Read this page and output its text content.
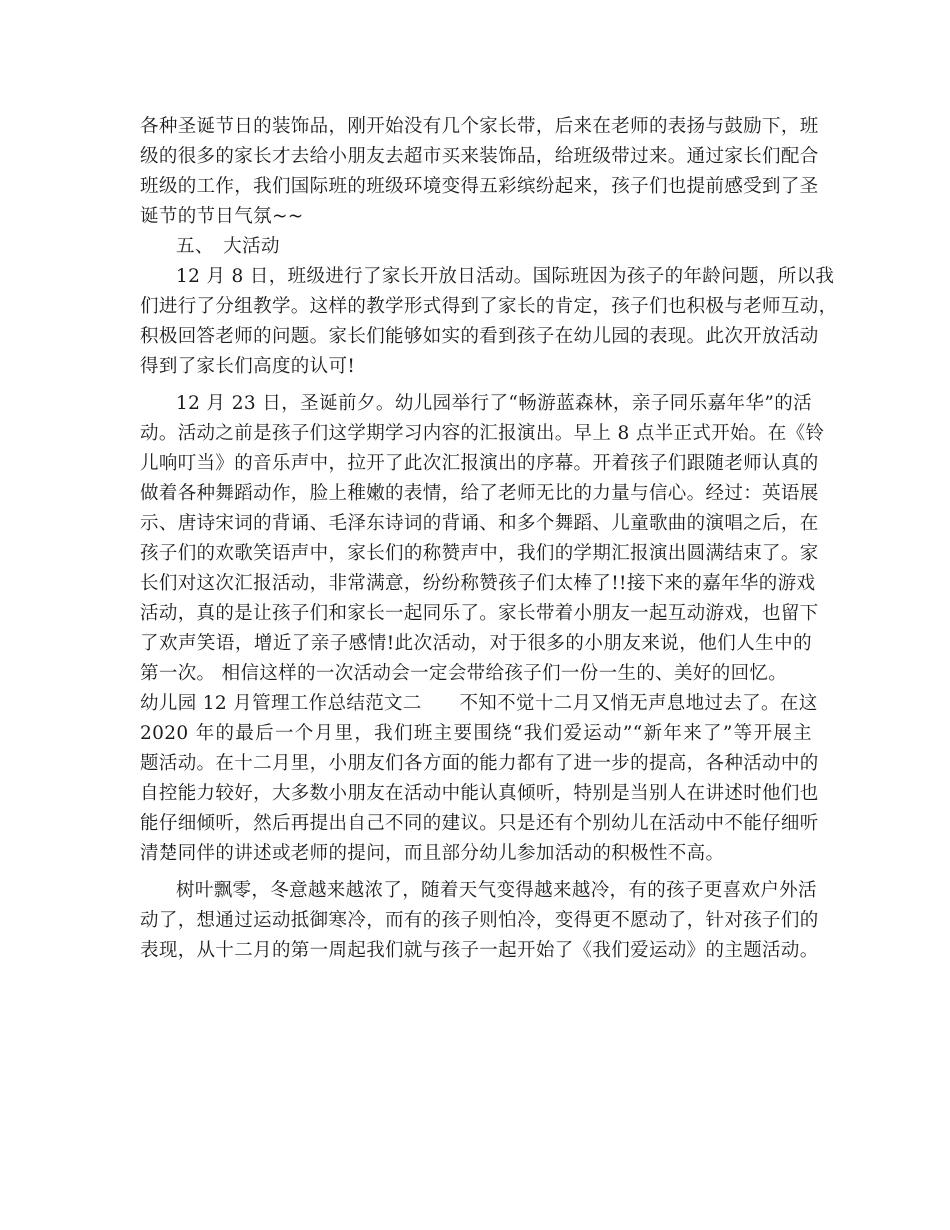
各种圣诞节日的装饰品，刚开始没有几个家长带，后来在老师的表扬与鼓励下，班
级的很多的家长才去给小朋友去超市买来装饰品，给班级带过来。通过家长们配合
班级的工作，我们国际班的班级环境变得五彩缤纷起来，孩子们也提前感受到了圣
诞节的节日气氛~~
五、　大活动
12 月 8 日，班级进行了家长开放日活动。国际班因为孩子的年龄问题，所以我
们进行了分组教学。这样的教学形式得到了家长的肯定，孩子们也积极与老师互动，
积极回答老师的问题。家长们能够如实的看到孩子在幼儿园的表现。此次开放活动
得到了家长们高度的认可!
12 月 23 日，圣诞前夕。幼儿园举行了“畅游蓝森林，亲子同乐嘉年华”的活
动。活动之前是孩子们这学期学习内容的汇报演出。早上 8 点半正式开始。在《铃
儿响叮当》的音乐声中，拉开了此次汇报演出的序幕。开着孩子们跟随老师认真的
做着各种舞蹈动作，脸上稚嫩的表情，给了老师无比的力量与信心。经过：英语展
示、唐诗宋词的背诵、毛泽东诗词的背诵、和多个舞蹈、儿童歌曲的演唱之后，在
孩子们的欢歌笑语声中，家长们的称赞声中，我们的学期汇报演出圆满结束了。家
长们对这次汇报活动，非常满意，纷纷称赞孩子们太棒了!!接下来的嘉年华的游戏
活动，真的是让孩子们和家长一起同乐了。家长带着小朋友一起互动游戏，也留下
了欢声笑语，增近了亲子感情!此次活动，对于很多的小朋友来说，他们人生中的
第一次。 相信这样的一次活动会一定会带给孩子们一份一生的、美好的回忆。
幼儿园 12 月管理工作总结范文二　　不知不觉十二月又悄无声息地过去了。在这
2020 年的最后一个月里，我们班主要围绕“我们爱运动”“新年来了”等开展主
题活动。在十二月里，小朋友们各方面的能力都有了进一步的提高，各种活动中的
自控能力较好，大多数小朋友在活动中能认真倾听，特别是当别人在讲述时他们也
能仔细倾听，然后再提出自己不同的建议。只是还有个别幼儿在活动中不能仔细听
清楚同伴的讲述或老师的提问，而且部分幼儿参加活动的积极性不高。
树叶飘零，冬意越来越浓了，随着天气变得越来越冷，有的孩子更喜欢户外活
动了，想通过运动抵御寒冷，而有的孩子则怕冷，变得更不愿动了，针对孩子们的
表现，从十二月的第一周起我们就与孩子一起开始了《我们爱运动》的主题活动。
